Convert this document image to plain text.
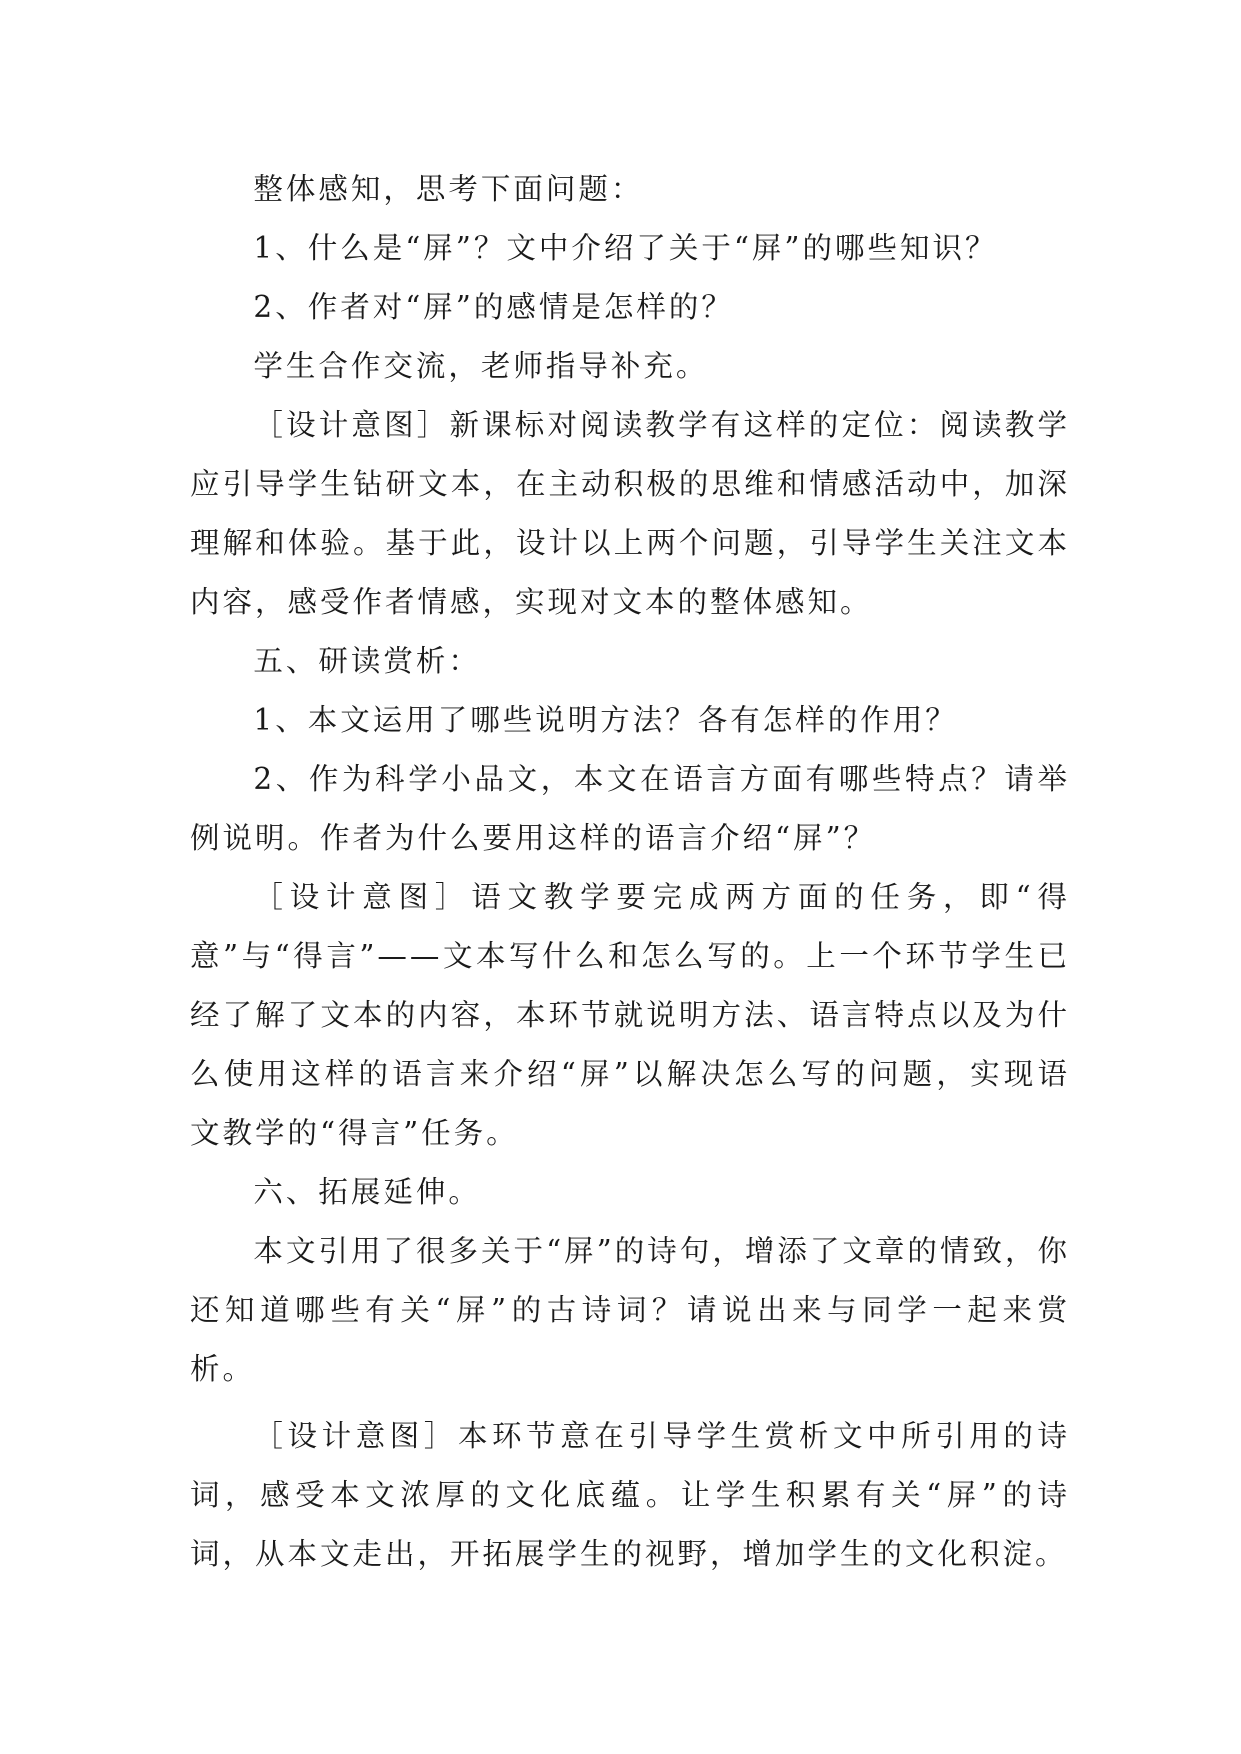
整体感知，思考下面问题：

1、什么是“屏”？文中介绍了关于“屏”的哪些知识？

2、作者对“屏”的感情是怎样的？

学生合作交流，老师指导补充。

［设计意图］新课标对阅读教学有这样的定位：阅读教学应引导学生钻研文本，在主动积极的思维和情感活动中，加深理解和体验。基于此，设计以上两个问题，引导学生关注文本内容，感受作者情感，实现对文本的整体感知。

五、研读赏析：

1、本文运用了哪些说明方法？各有怎样的作用？

2、作为科学小品文，本文在语言方面有哪些特点？请举例说明。作者为什么要用这样的语言介绍“屏”？

［设计意图］语文教学要完成两方面的任务，即“得意”与“得言”——文本写什么和怎么写的。上一个环节学生已经了解了文本的内容，本环节就说明方法、语言特点以及为什么使用这样的语言来介绍“屏”以解决怎么写的问题，实现语文教学的“得言”任务。

六、拓展延伸。

本文引用了很多关于“屏”的诗句，增添了文章的情致，你还知道哪些有关“屏”的古诗词？请说出来与同学一起来赏析。

［设计意图］本环节意在引导学生赏析文中所引用的诗词，感受本文浓厚的文化底蕴。让学生积累有关“屏”的诗词，从本文走出，开拓展学生的视野，增加学生的文化积淀。
